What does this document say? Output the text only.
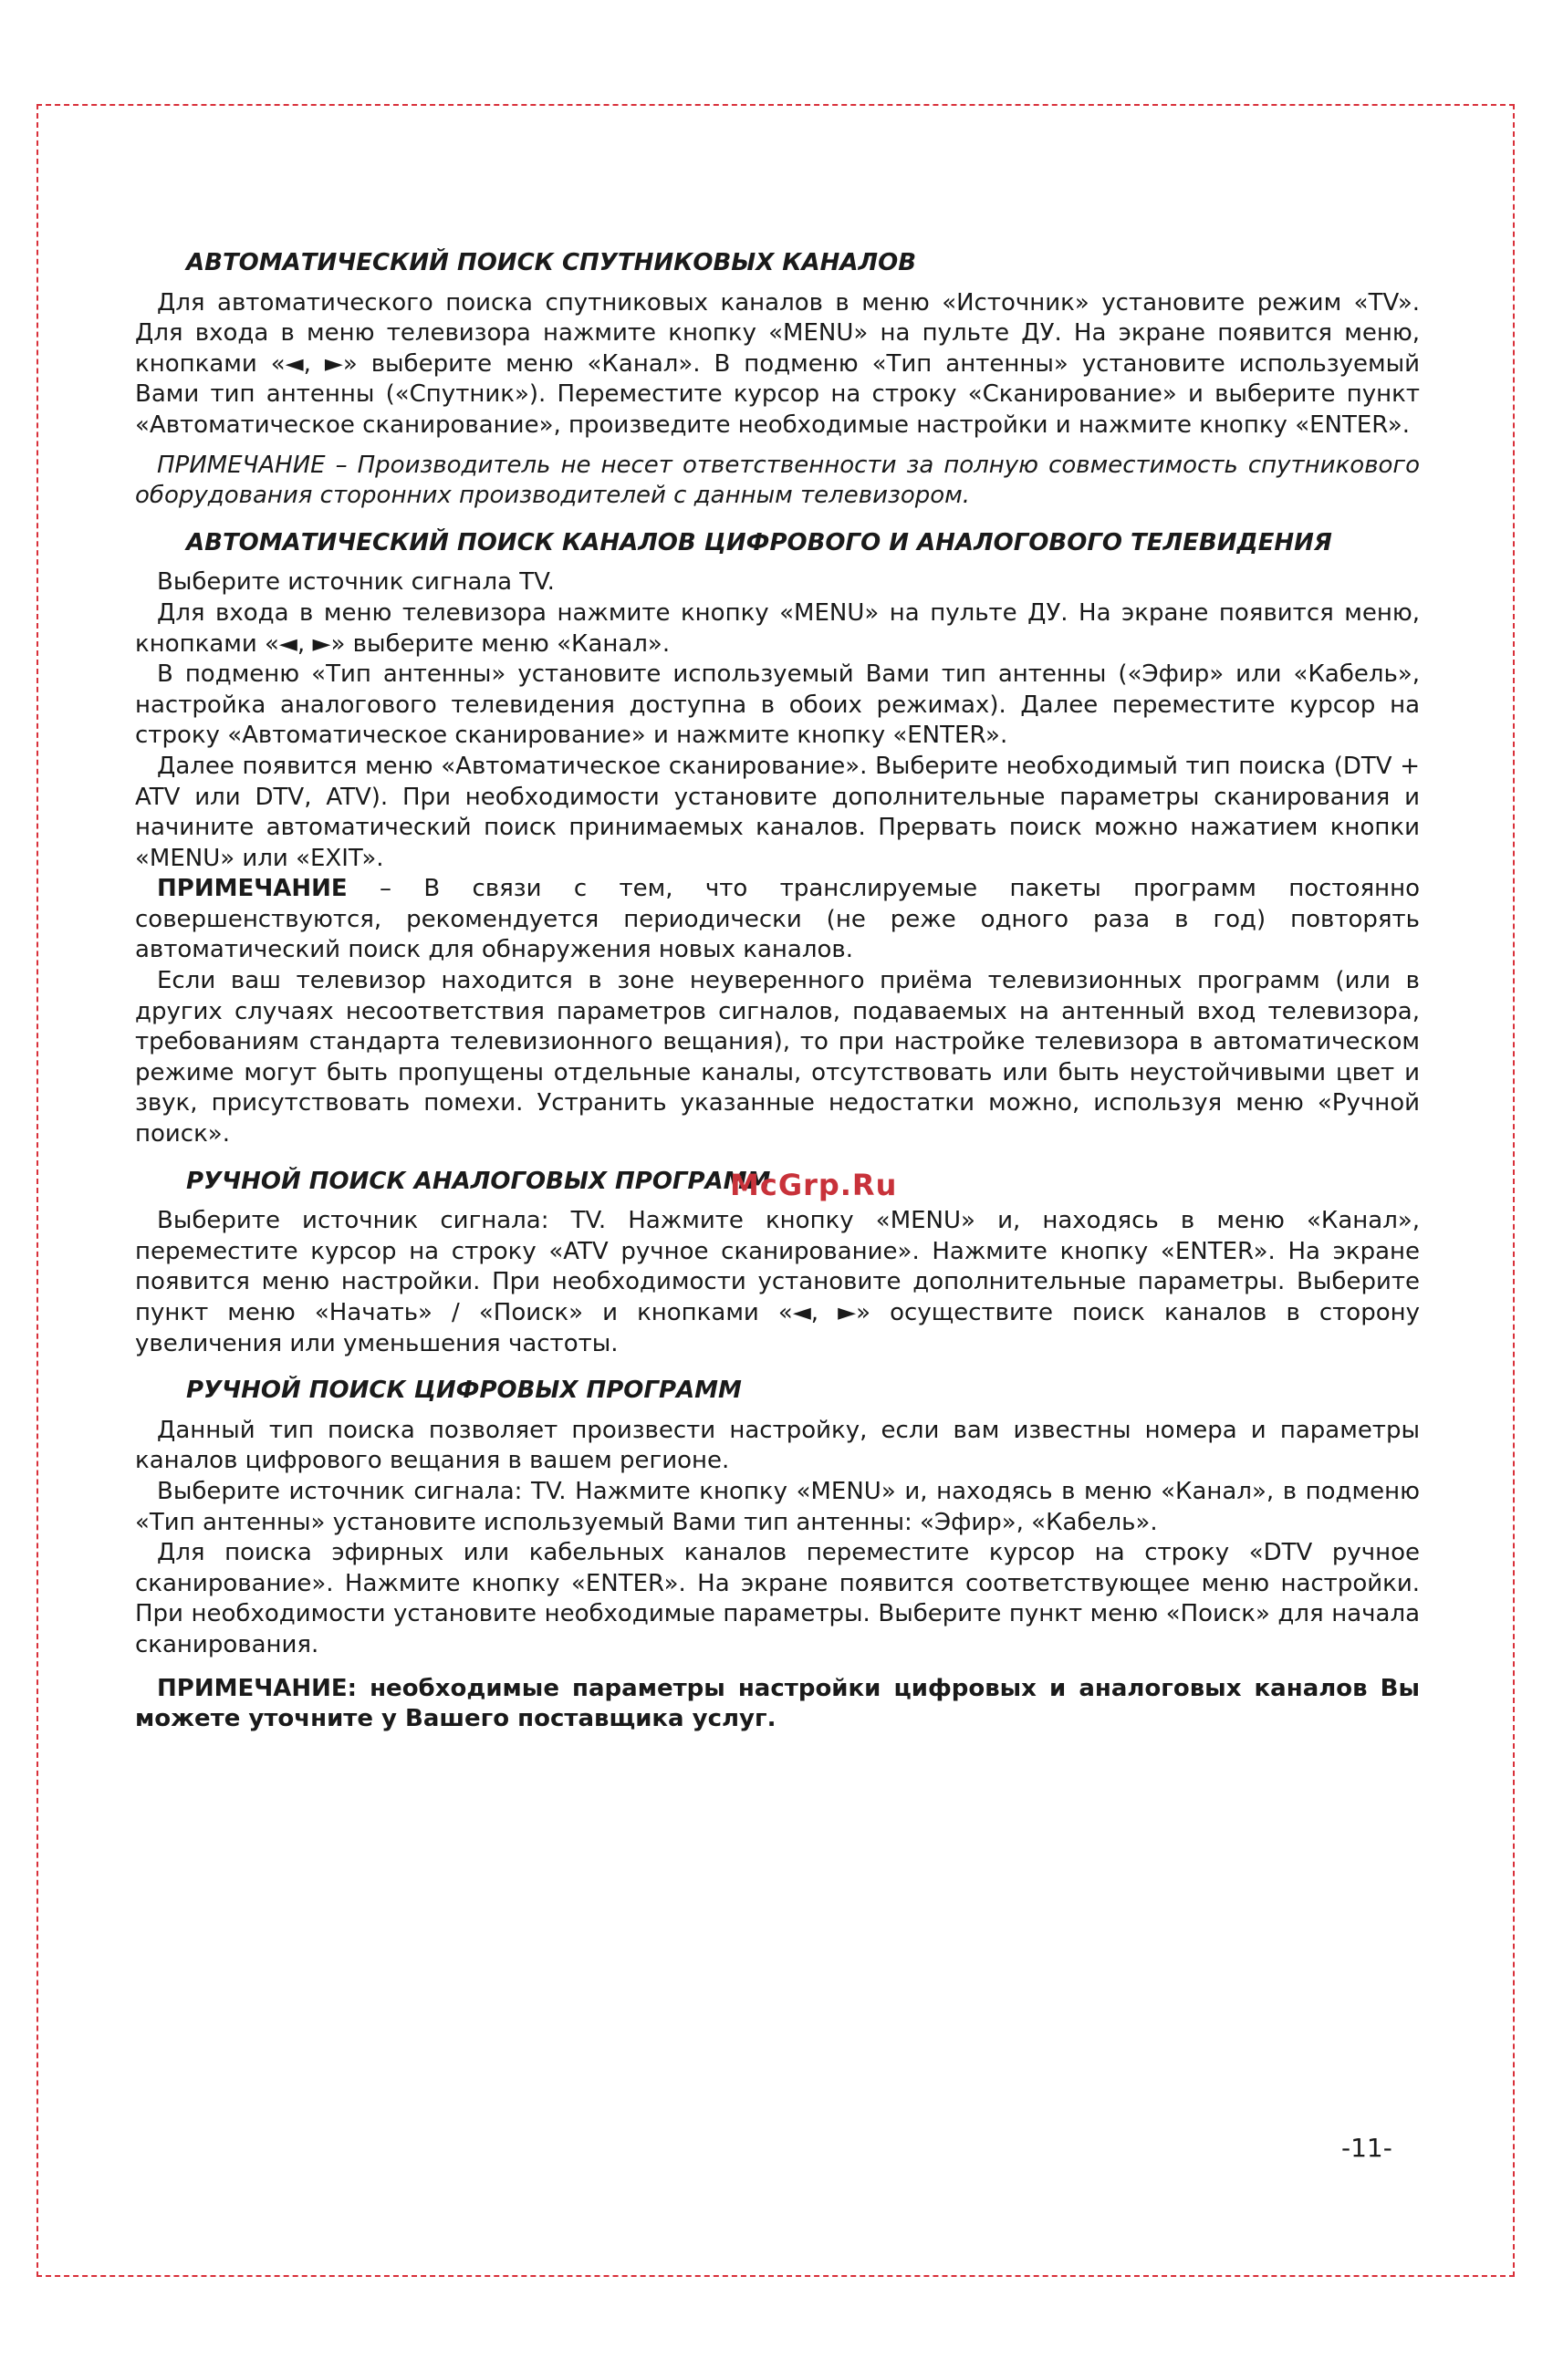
АВТОМАТИЧЕСКИЙ ПОИСК СПУТНИКОВЫХ КАНАЛОВ

Для автоматического поиска спутниковых каналов в меню «Источник» установите режим «TV». Для входа в меню телевизора нажмите кнопку «MENU» на пульте ДУ. На экране появится меню, кнопками «◄, ►» выберите меню «Канал». В подменю «Тип антенны» установите используемый Вами тип антенны («Спутник»). Переместите курсор на строку «Сканирование» и выберите пункт «Автоматическое сканирование», произведите необходимые настройки и нажмите кнопку «ENTER».

ПРИМЕЧАНИЕ – Производитель не несет ответственности за полную совместимость спутникового оборудования сторонних производителей с данным телевизором.

АВТОМАТИЧЕСКИЙ ПОИСК КАНАЛОВ ЦИФРОВОГО И АНАЛОГОВОГО ТЕЛЕВИДЕНИЯ

Выберите источник сигнала TV.

Для входа в меню телевизора нажмите кнопку «MENU» на пульте ДУ. На экране появится меню, кнопками «◄, ►» выберите меню «Канал».

В подменю «Тип антенны» установите используемый Вами тип антенны («Эфир» или «Кабель», настройка аналогового телевидения доступна в обоих режимах). Далее переместите курсор на строку «Автоматическое сканирование» и нажмите кнопку «ENTER».

Далее появится меню «Автоматическое сканирование». Выберите необходимый тип поиска (DTV + ATV или DTV, ATV). При необходимости установите дополнительные параметры сканирования и начините автоматический поиск принимаемых каналов. Прервать поиск можно нажатием кнопки «MENU» или «EXIT».

ПРИМЕЧАНИЕ – В связи с тем, что транслируемые пакеты программ постоянно совершенствуются, рекомендуется периодически (не реже одного раза в год) повторять автоматический поиск для обнаружения новых каналов.

Если ваш телевизор находится в зоне неуверенного приёма телевизионных программ (или в других случаях несоответствия параметров сигналов, подаваемых на антенный вход телевизора, требованиям стандарта телевизионного вещания), то при настройке телевизора в автоматическом режиме могут быть пропущены отдельные каналы, отсутствовать или быть неустойчивыми цвет и звук, присутствовать помехи. Устранить указанные недостатки можно, используя меню «Ручной поиск».

РУЧНОЙ ПОИСК АНАЛОГОВЫХ ПРОГРАММ

Выберите источник сигнала: TV. Нажмите кнопку «MENU» и, находясь в меню «Канал», переместите курсор на строку «ATV ручное сканирование». Нажмите кнопку «ENTER». На экране появится меню настройки. При необходимости установите дополнительные параметры. Выберите пункт меню «Начать» / «Поиск» и кнопками «◄, ►» осуществите поиск каналов в сторону увеличения или уменьшения частоты.

РУЧНОЙ ПОИСК ЦИФРОВЫХ ПРОГРАММ

Данный тип поиска позволяет произвести настройку, если вам известны номера и параметры каналов цифрового вещания в вашем регионе.

Выберите источник сигнала: TV. Нажмите кнопку «MENU» и, находясь в меню «Канал», в подменю «Тип антенны» установите используемый Вами тип антенны: «Эфир», «Кабель».

Для поиска эфирных или кабельных каналов переместите курсор на строку «DTV ручное сканирование». Нажмите кнопку «ENTER». На экране появится соответствующее меню настройки. При необходимости установите необходимые параметры. Выберите пункт меню «Поиск» для начала сканирования.

ПРИМЕЧАНИЕ: необходимые параметры настройки цифровых и аналоговых каналов Вы можете уточните у Вашего поставщика услуг.

McGrp.Ru
-11-
